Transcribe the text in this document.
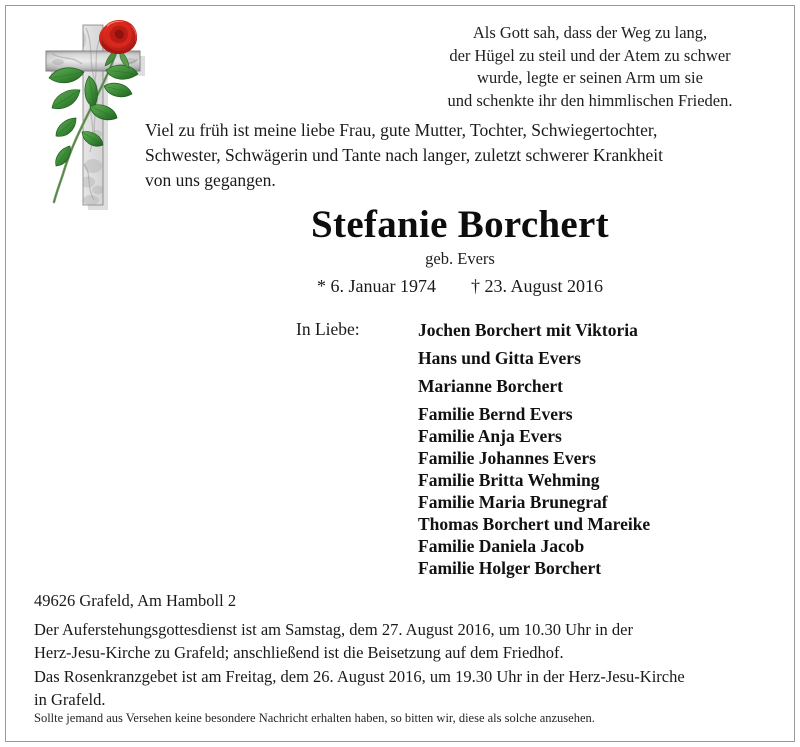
Als Gott sah, dass der Weg zu lang,
der Hügel zu steil und der Atem zu schwer
wurde, legte er seinen Arm um sie
und schenkte ihr den himmlischen Frieden.
Viel zu früh ist meine liebe Frau, gute Mutter, Tochter, Schwiegertochter,
Schwester, Schwägerin und Tante nach langer, zuletzt schwerer Krankheit
von uns gegangen.
Stefanie Borchert
geb. Evers
* 6. Januar 1974 † 23. August 2016
In Liebe:	Jochen Borchert mit Viktoria
Hans und Gitta Evers
Marianne Borchert
Familie Bernd Evers
Familie Anja Evers
Familie Johannes Evers
Familie Britta Wehming
Familie Maria Brunegraf
Thomas Borchert und Mareike
Familie Daniela Jacob
Familie Holger Borchert
49626 Grafeld, Am Hamboll 2
Der Auferstehungsgottesdienst ist am Samstag, dem 27. August 2016, um 10.30 Uhr in der
Herz-Jesu-Kirche zu Grafeld; anschließend ist die Beisetzung auf dem Friedhof.
Das Rosenkranzgebet ist am Freitag, dem 26. August 2016, um 19.30 Uhr in der Herz-Jesu-Kirche
in Grafeld.
Sollte jemand aus Versehen keine besondere Nachricht erhalten haben, so bitten wir, diese als solche anzusehen.
